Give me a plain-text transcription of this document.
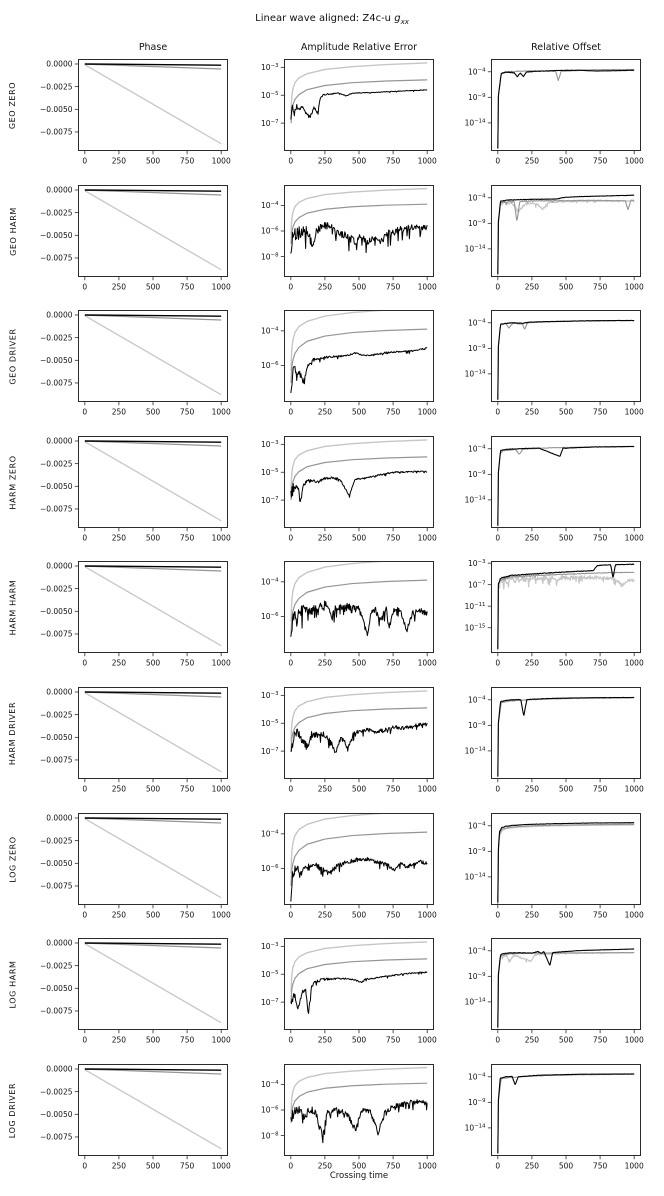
Linear wave aligned: Z4c-u $g_{xx}$
Phase	Amplitude Relative Error	Relative Offset
GEO ZERO
0	250	500	750 1000
0.0000
−0.0025
−0.0050
−0.0075
0	250	500	750 1000
$10^{-3}$
$10^{-5}$
$10^{-7}$
0	250	500	750 1000
$10^{-4}$
$10^{-9}$
$10^{-14}$
GEO HARM
0	250	500	750 1000
0.0000
−0.0025
−0.0050
−0.0075
0	250	500	750 1000
$10^{-4}$
$10^{-6}$
$10^{-8}$
0	250	500	750 1000
$10^{-4}$
$10^{-9}$
$10^{-14}$
GEO DRIVER
0	250	500	750 1000
0.0000
−0.0025
−0.0050
−0.0075
0	250	500	750 1000
$10^{-4}$
$10^{-6}$
0	250	500	750 1000
$10^{-4}$
$10^{-9}$
$10^{-14}$
HARM ZERO
0	250	500	750 1000
0.0000
−0.0025
−0.0050
−0.0075
0	250	500	750 1000
$10^{-3}$
$10^{-5}$
$10^{-7}$
0	250	500	750 1000
$10^{-4}$
$10^{-9}$
$10^{-14}$
HARM HARM
0	250	500	750 1000
0.0000
−0.0025
−0.0050
−0.0075
0	250	500	750 1000
$10^{-4}$
$10^{-6}$
0	250	500	750 1000
$10^{-3}$
$10^{-7}$
$10^{-11}$
$10^{-15}$
HARM DRIVER
0	250	500	750 1000
0.0000
−0.0025
−0.0050
−0.0075
0	250	500	750 1000
$10^{-3}$
$10^{-5}$
$10^{-7}$
0	250	500	750 1000
$10^{-4}$
$10^{-9}$
$10^{-14}$
LOG ZERO
0	250	500	750 1000
0.0000
−0.0025
−0.0050
−0.0075
0	250	500	750 1000
$10^{-4}$
$10^{-6}$
0	250	500	750 1000
$10^{-4}$
$10^{-9}$
$10^{-14}$
LOG HARM
0	250	500	750 1000
0.0000
−0.0025
−0.0050
−0.0075
0	250	500	750 1000
$10^{-3}$
$10^{-5}$
$10^{-7}$
0	250	500	750 1000
$10^{-4}$
$10^{-9}$
$10^{-14}$
LOG DRIVER
0	250	500	750 1000
0.0000
−0.0025
−0.0050
−0.0075
0	250	500	750 1000
$10^{-4}$
$10^{-6}$
$10^{-8}$
0	250	500	750 1000
$10^{-4}$
$10^{-9}$
$10^{-14}$
Crossing time
